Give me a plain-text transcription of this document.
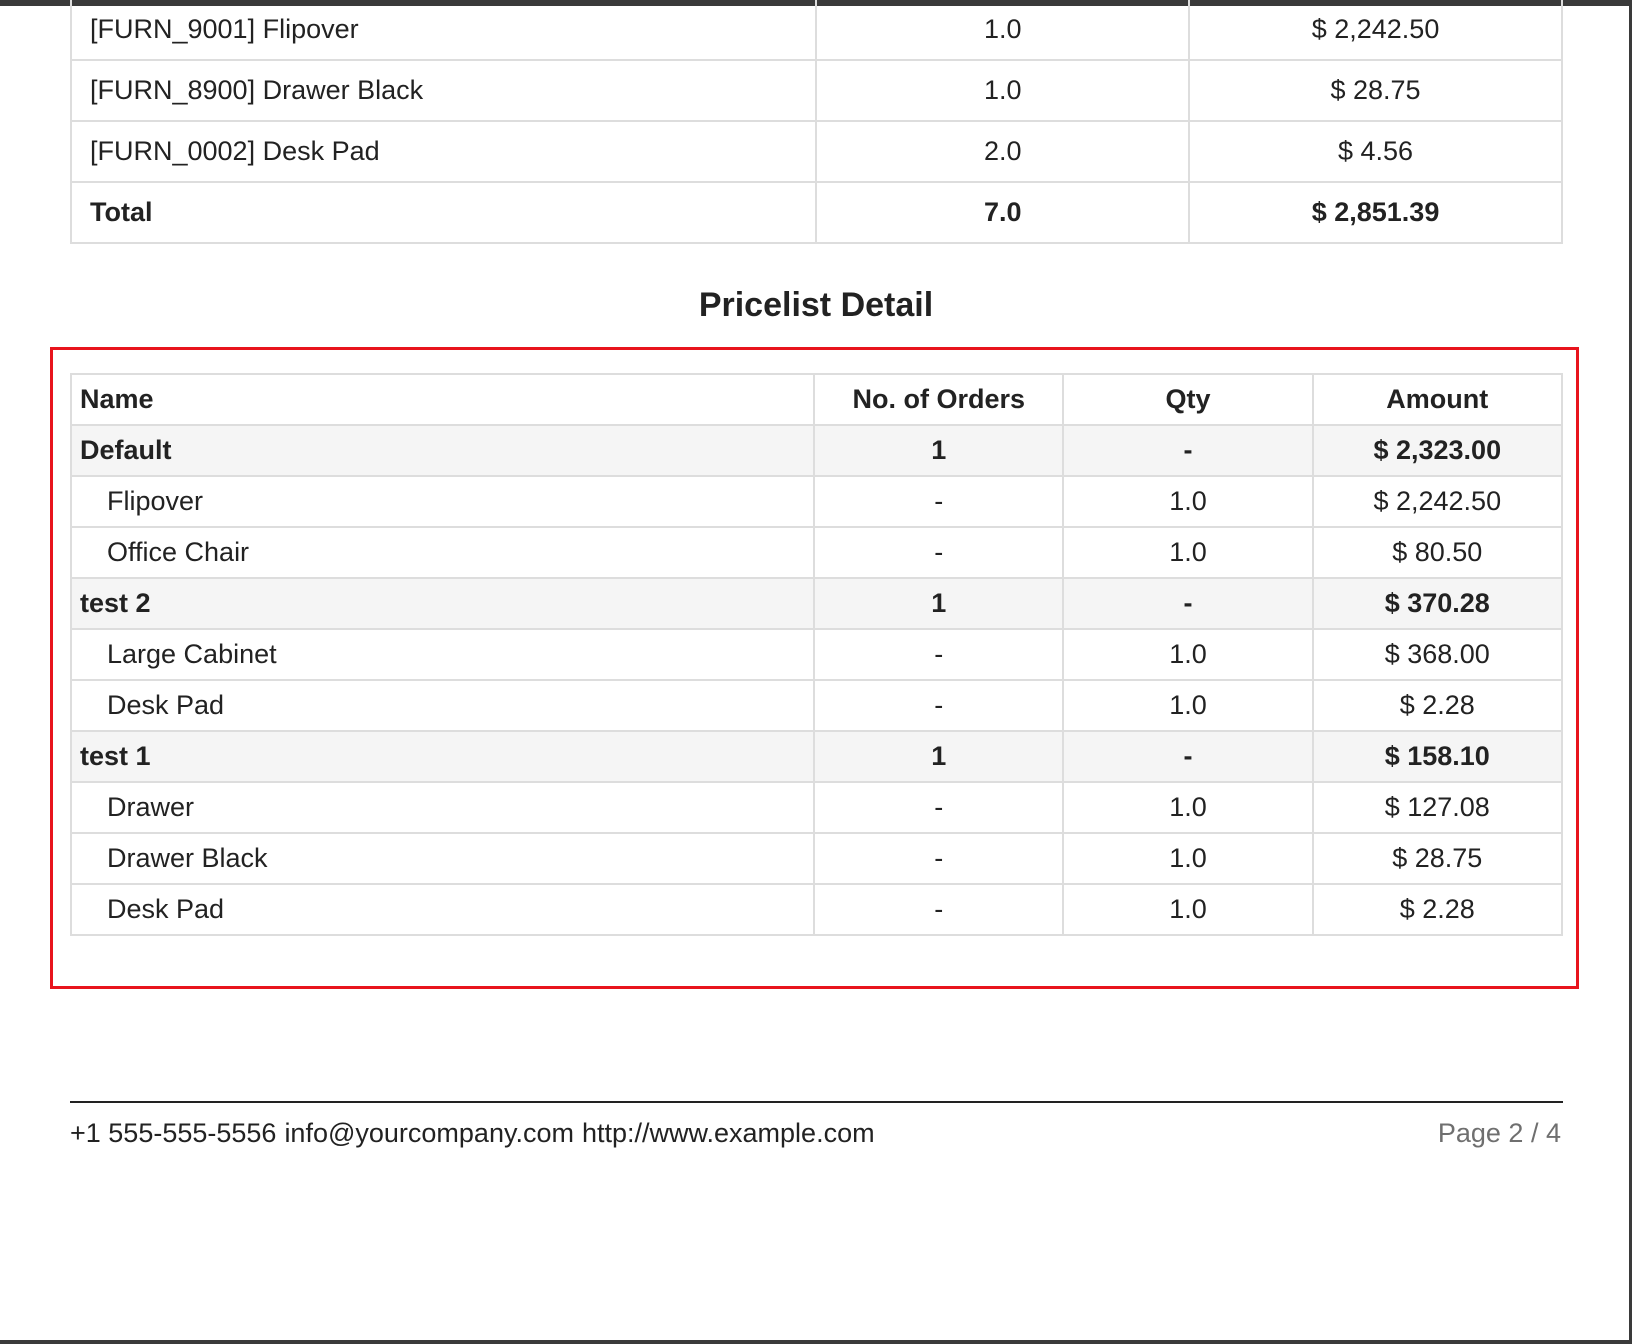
[FURN_9001] Flipover	1.0	$ 2,242.50
[FURN_8900] Drawer Black	1.0	$ 28.75
[FURN_0002] Desk Pad	2.0	$ 4.56
Total	7.0	$ 2,851.39
Pricelist Detail
Name	No. of Orders	Qty	Amount
Default	1	-	$ 2,323.00
Flipover	-	1.0	$ 2,242.50
Office Chair	-	1.0	$ 80.50
test 2	1	-	$ 370.28
Large Cabinet	-	1.0	$ 368.00
Desk Pad	-	1.0	$ 2.28
test 1	1	-	$ 158.10
Drawer	-	1.0	$ 127.08
Drawer Black	-	1.0	$ 28.75
Desk Pad	-	1.0	$ 2.28
+1 555-555-5556 info@yourcompany.com http://www.example.com	Page 2 / 4
